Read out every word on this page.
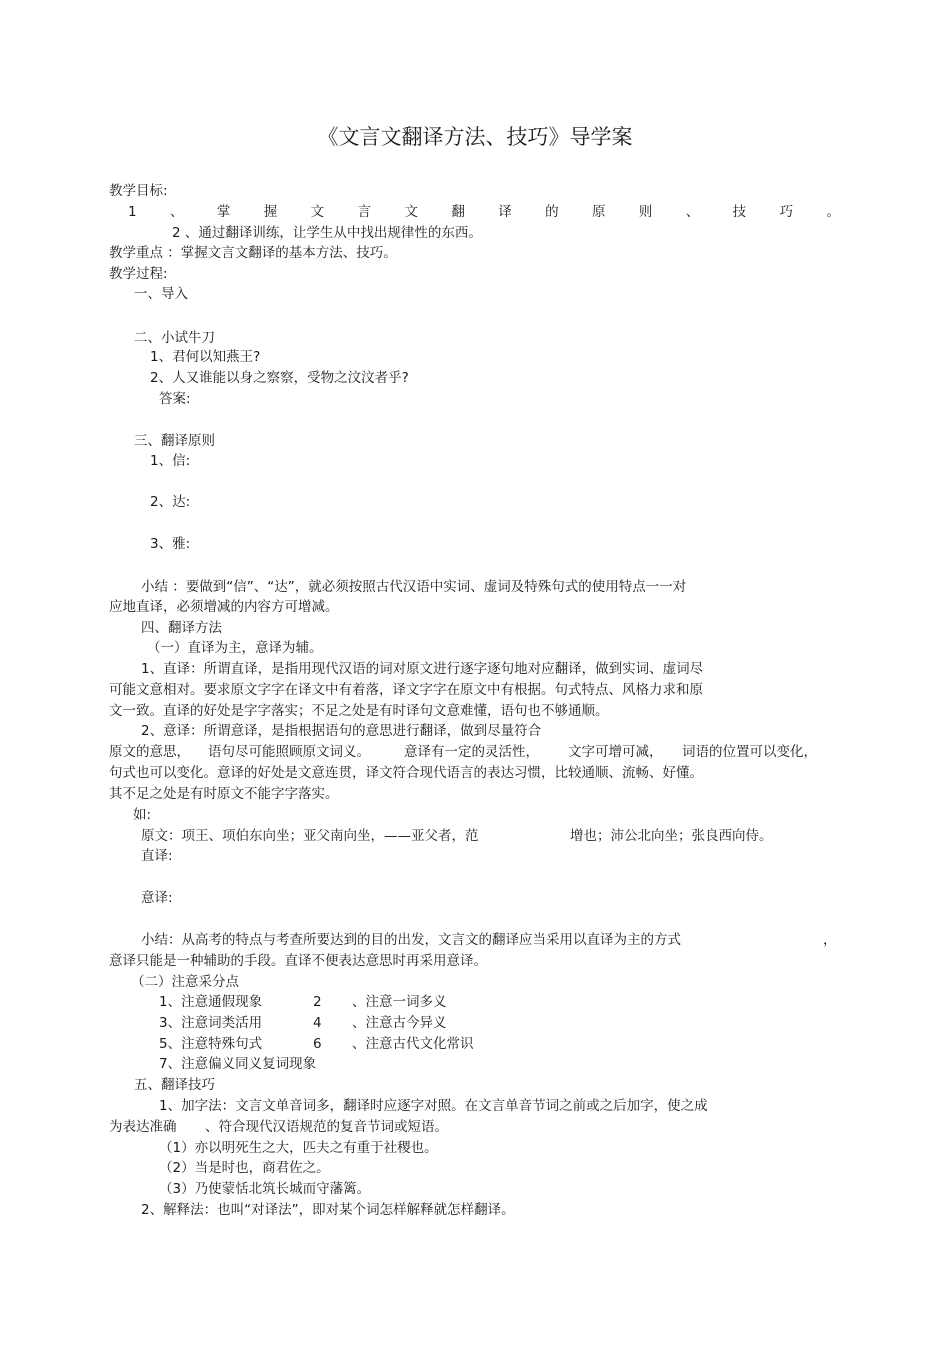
《文言文翻译方法、技巧》导学案
教学目标:
1 、 掌 握 文 言 文 翻 译 的 原 则 、 技 巧 。
2 、通过翻译训练，让学生从中找出规律性的东西。
教学重点 ：掌握文言文翻译的基本方法、技巧。
教学过程:
一、导入
二、小试牛刀
1、君何以知燕王?
2、人又谁能以身之察察，受物之汶汶者乎?
答案:
三、翻译原则
1、信:
2、达:
3、雅:
小结 ：要做到“信”、“达”，就必须按照古代汉语中实词、虚词及特殊句式的使用特点一一对
应地直译，必须增减的内容方可增减。
四、翻译方法
（一）直译为主，意译为辅。
1、直译：所谓直译，是指用现代汉语的词对原文进行逐字逐句地对应翻译，做到实词、虚词尽
可能文意相对。要求原文字字在译文中有着落，译文字字在原文中有根据。句式特点、风格力求和原
文一致。直译的好处是字字落实；不足之处是有时译句文意难懂，语句也不够通顺。
2、意译：所谓意译，是指根据语句的意思进行翻译，做到尽量符合
原文的意思，	语句尽可能照顾原文词义。	意译有一定的灵活性，	文字可增可减，	词语的位置可以变化，
句式也可以变化。意译的好处是文意连贯，译文符合现代语言的表达习惯，比较通顺、流畅、好懂。
其不足之处是有时原文不能字字落实。
如:
原文：项王、项伯东向坐；亚父南向坐，——亚父者，范	增也；沛公北向坐；张良西向侍。
直译:
意译:
小结：从高考的特点与考查所要达到的目的出发，文言文的翻译应当采用以直译为主的方式	，
意译只能是一种辅助的手段。直译不便表达意思时再采用意译。
（二）注意采分点
1、注意通假现象	2	、注意一词多义
3、注意词类活用	4	、注意古今异义
5、注意特殊句式	6	、注意古代文化常识
7、注意偏义同义复词现象
五、翻译技巧
1、加字法：文言文单音词多，翻译时应逐字对照。在文言单音节词之前或之后加字，使之成
为表达准确 、符合现代汉语规范的复音节词或短语。
（1）亦以明死生之大，匹夫之有重于社稷也。
（2）当是时也，商君佐之。
（3）乃使蒙恬北筑长城而守藩篱。
2、解释法：也叫“对译法”，即对某个词怎样解释就怎样翻译。
